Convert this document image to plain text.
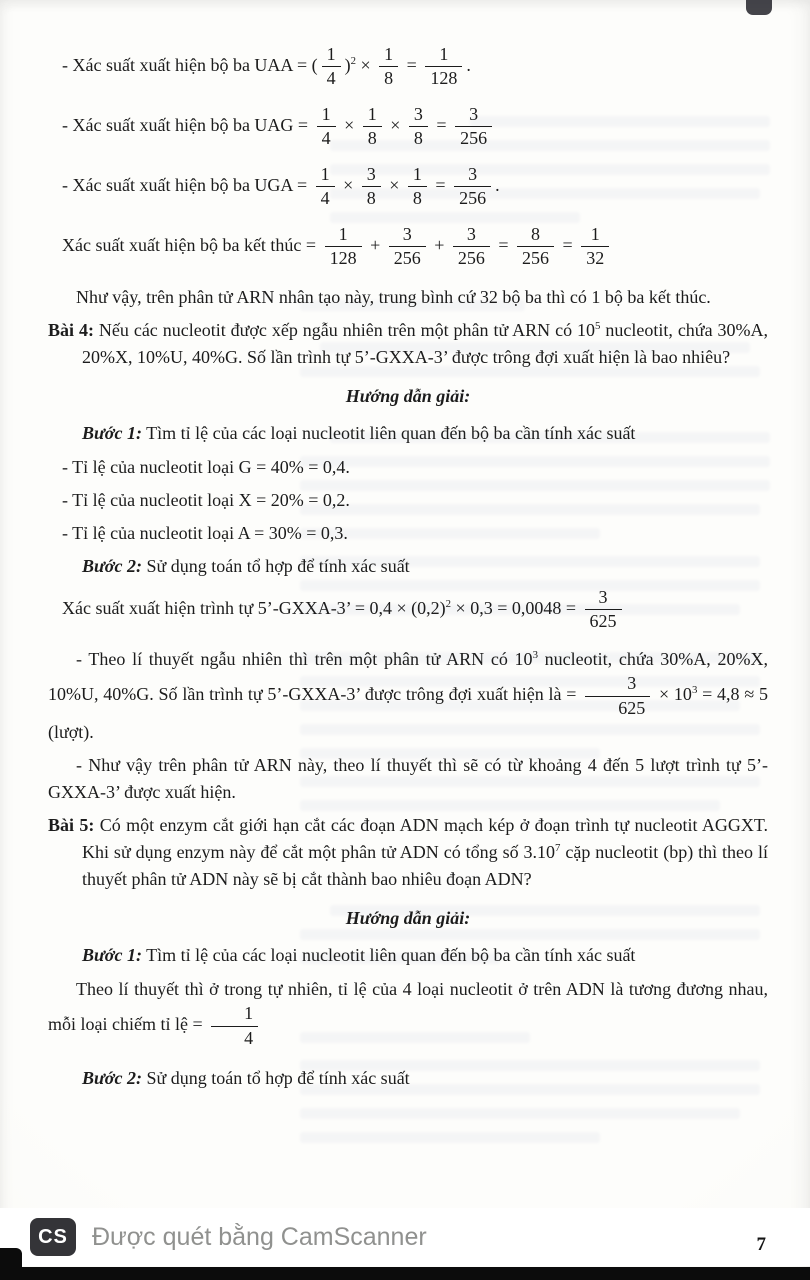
- Xác suất xuất hiện bộ ba UAA = ( $\frac{1}{4} )^2 \times \frac{1}{8} = \frac{1}{128}$ .
- Xác suất xuất hiện bộ ba UAG = $\frac{1}{4} \times \frac{1}{8} \times \frac{3}{8} = \frac{3}{256}$
- Xác suất xuất hiện bộ ba UGA = $\frac{1}{4} \times \frac{3}{8} \times \frac{1}{8} = \frac{3}{256}$ .
Xác suất xuất hiện bộ ba kết thúc = $\frac{1}{128} + \frac{3}{256} + \frac{3}{256} = \frac{8}{256} = \frac{1}{32}$
Như vậy, trên phân tử ARN nhân tạo này, trung bình cứ 32 bộ ba thì có 1 bộ ba kết thúc.
Bài 4: Nếu các nucleotit được xếp ngẫu nhiên trên một phân tử ARN có $10^5$ nucleotit, chứa 30%A, 20%X, 10%U, 40%G. Số lần trình tự 5’-GXXA-3’ được trông đợi xuất hiện là bao nhiêu?
Hướng dẫn giải:
Bước 1: Tìm tỉ lệ của các loại nucleotit liên quan đến bộ ba cần tính xác suất
- Tỉ lệ của nucleotit loại G = 40% = 0,4.
- Tỉ lệ của nucleotit loại X = 20% = 0,2.
- Tỉ lệ của nucleotit loại A = 30% = 0,3.
Bước 2: Sử dụng toán tổ hợp để tính xác suất
Xác suất xuất hiện trình tự 5’-GXXA-3’ = $0,4 \times (0,2)^2 \times 0,3 = 0,0048 = \frac{3}{625}$
- Theo lí thuyết ngẫu nhiên thì trên một phân tử ARN có $10^3$ nucleotit, chứa 30%A, 20%X, 10%U, 40%G. Số lần trình tự 5’-GXXA-3’ được trông đợi xuất hiện là = $\frac{3}{625} \times 10^3 = 4,8 \approx 5$ (lượt).
- Như vậy trên phân tử ARN này, theo lí thuyết thì sẽ có từ khoảng 4 đến 5 lượt trình tự 5’-GXXA-3’ được xuất hiện.
Bài 5: Có một enzym cắt giới hạn cắt các đoạn ADN mạch kép ở đoạn trình tự nucleotit AGGXT. Khi sử dụng enzym này để cắt một phân tử ADN có tổng số 3.10$^7$ cặp nucleotit (bp) thì theo lí thuyết phân tử ADN này sẽ bị cắt thành bao nhiêu đoạn ADN?
Hướng dẫn giải:
Bước 1: Tìm tỉ lệ của các loại nucleotit liên quan đến bộ ba cần tính xác suất
Theo lí thuyết thì ở trong tự nhiên, tỉ lệ của 4 loại nucleotit ở trên ADN là tương đương nhau, mỗi loại chiếm tỉ lệ = $\frac{1}{4}$
Bước 2: Sử dụng toán tổ hợp để tính xác suất
CS Được quét bằng CamScanner	7
